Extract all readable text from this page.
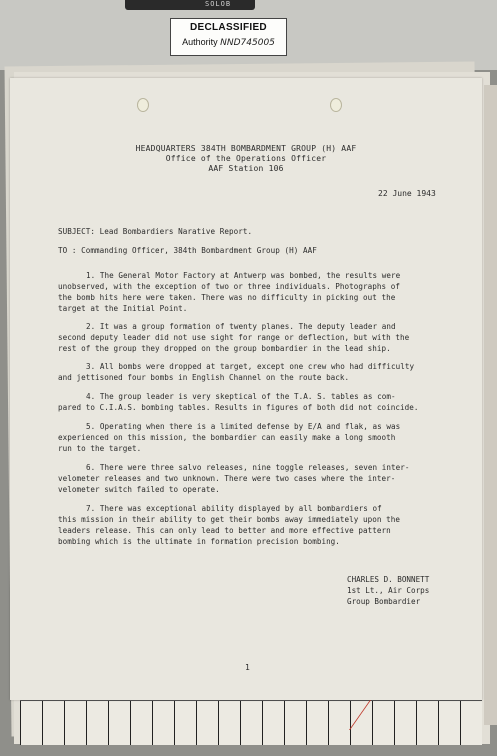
SOLOB
DECLASSIFIED
Authority NND745005
HEADQUARTERS 384TH BOMBARDMENT GROUP (H) AAF
Office of the Operations Officer
AAF Station 106
22 June 1943
SUBJECT: Lead Bombardiers Narative Report.
TO : Commanding Officer, 384th Bombardment Group (H) AAF
1. The General Motor Factory at Antwerp was bombed, the results were
unobserved, with the exception of two or three individuals. Photographs of
the bomb hits here were taken. There was no difficulty in picking out the
target at the Initial Point.
2. It was a group formation of twenty planes. The deputy leader and
second deputy leader did not use sight for range or deflection, but with the
rest of the group they dropped on the group bombardier in the lead ship.
3. All bombs were dropped at target, except one crew who had difficulty
and jettisoned four bombs in English Channel on the route back.
4. The group leader is very skeptical of the T.A. S. tables as com-
pared to C.I.A.S. bombing tables. Results in figures of both did not coincide.
5. Operating when there is a limited defense by E/A and flak, as was
experienced on this mission, the bombardier can easily make a long smooth
run to the target.
6. There were three salvo releases, nine toggle releases, seven inter-
velometer releases and two unknown. There were two cases where the inter-
velometer switch failed to operate.
7. There was exceptional ability displayed by all bombardiers of
this mission in their ability to get their bombs away immediately upon the
leaders release. This can only lead to better and more effective pattern
bombing which is the ultimate in formation precision bombing.
CHARLES D. BONNETT
1st Lt., Air Corps
Group Bombardier
1
